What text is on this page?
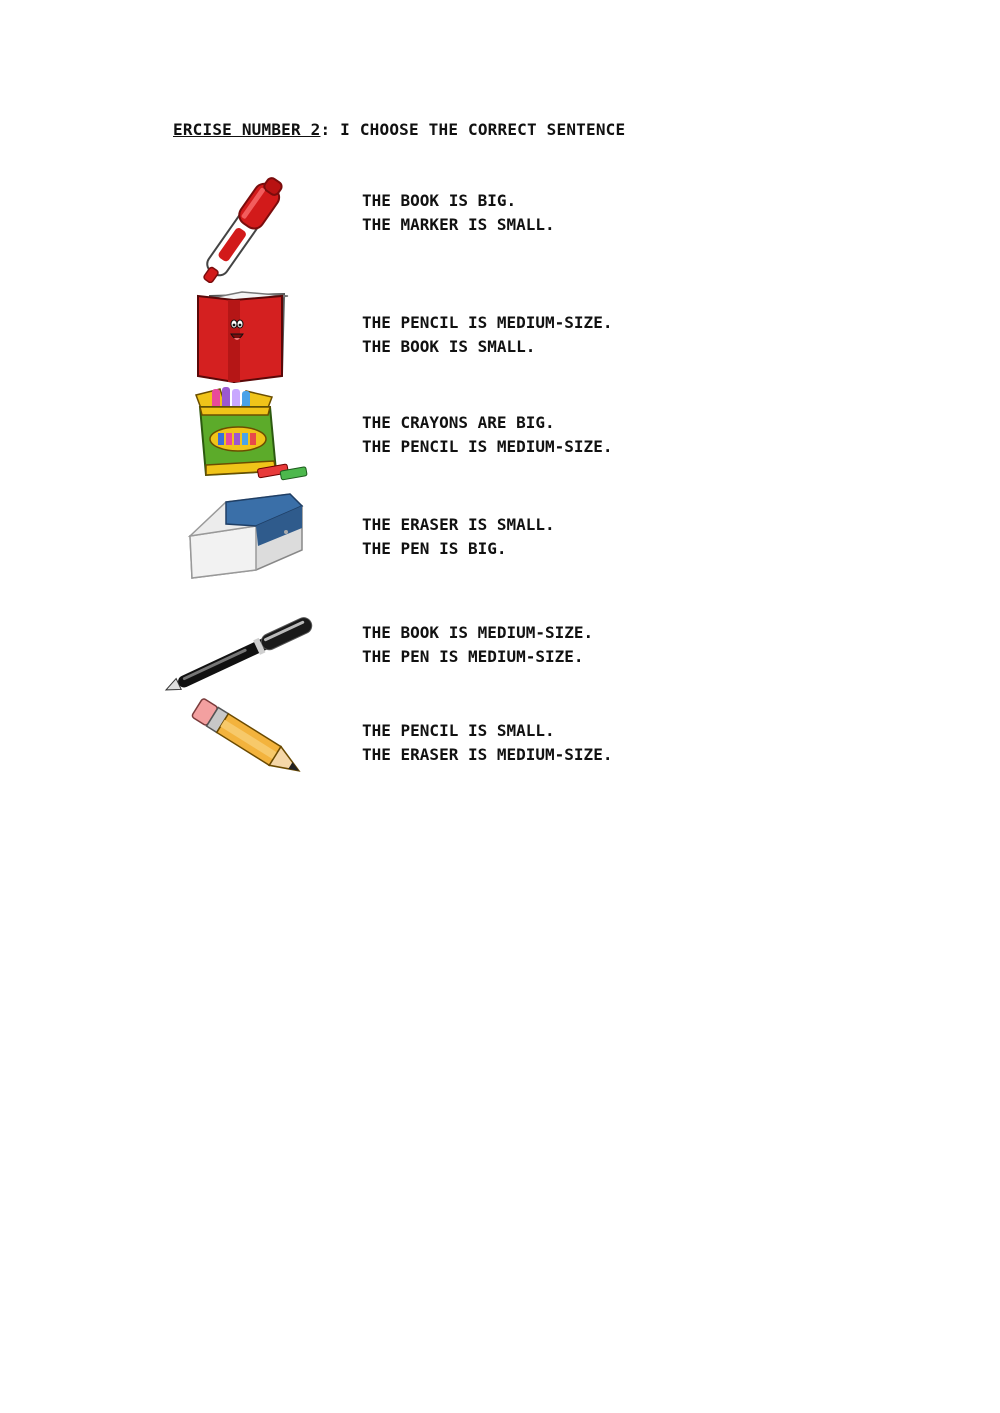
ERCISE NUMBER 2: I CHOOSE THE CORRECT SENTENCE
THE BOOK IS BIG.
THE MARKER IS SMALL.
THE PENCIL IS MEDIUM-SIZE.
THE BOOK IS SMALL.
THE CRAYONS ARE BIG.
THE PENCIL IS MEDIUM-SIZE.
THE ERASER IS SMALL.
THE PEN IS BIG.
THE BOOK IS MEDIUM-SIZE.
THE PEN IS MEDIUM-SIZE.
THE PENCIL IS SMALL.
THE ERASER IS MEDIUM-SIZE.
